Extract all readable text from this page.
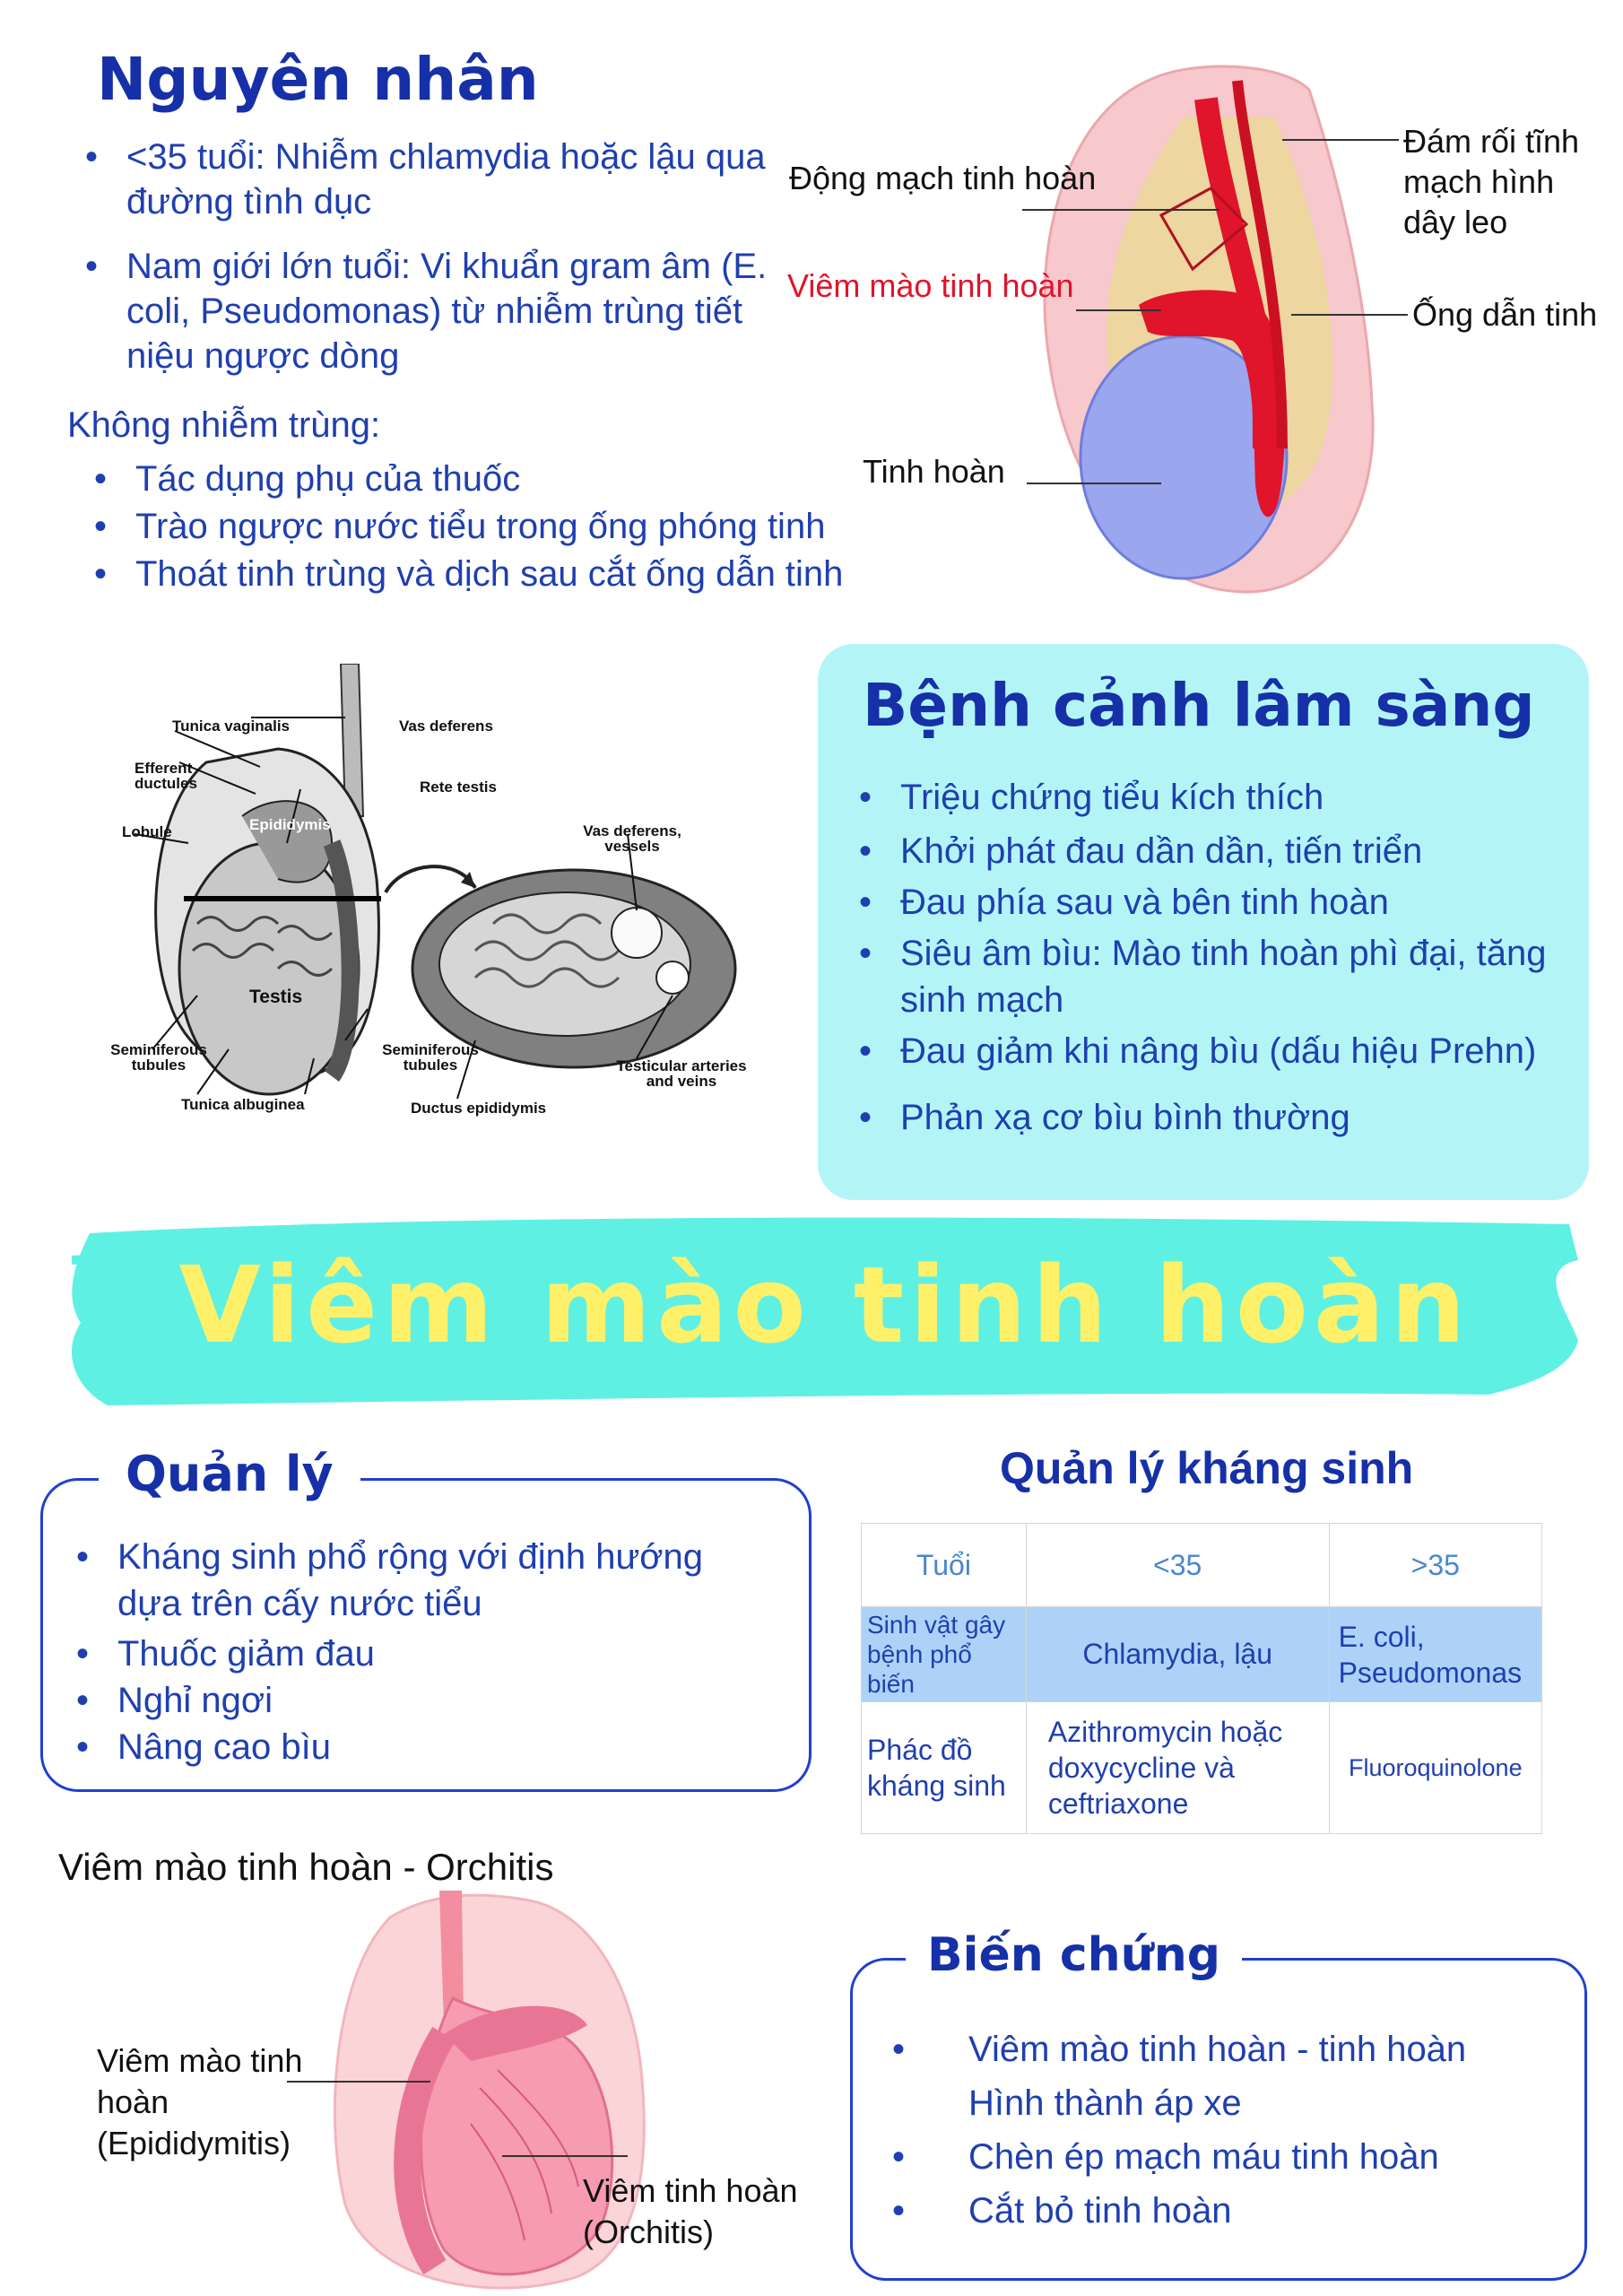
Nguyên nhân
• <35 tuổi: Nhiễm chlamydia hoặc lậu qua đường tình dục
• Nam giới lớn tuổi: Vi khuẩn gram âm (E. coli, Pseudomonas) từ nhiễm trùng tiết niệu ngược dòng
Không nhiễm trùng:
• Tác dụng phụ của thuốc
• Trào ngược nước tiểu trong ống phóng tinh
• Thoát tinh trùng và dịch sau cắt ống dẫn tinh
Động mạch tinh hoàn
Viêm mào tinh hoàn
Tinh hoàn
Đám rối tĩnh mạch hình dây leo
Ống dẫn tinh
Tunica vaginalis	Vas deferens
Efferent ductules	Rete testis
Lobule	Epididymis	Vas deferens, vessels
Testis
Seminiferous tubules
Seminiferous tubules
Tunica albuginea	Ductus epididymis
Testicular arteries and veins
Bệnh cảnh lâm sàng
• Triệu chứng tiểu kích thích
• Khởi phát đau dần dần, tiến triển
• Đau phía sau và bên tinh hoàn
• Siêu âm bìu: Mào tinh hoàn phì đại, tăng sinh mạch
• Đau giảm khi nâng bìu (dấu hiệu Prehn)
• Phản xạ cơ bìu bình thường
Viêm mào tinh hoàn
Quản lý
• Kháng sinh phổ rộng với định hướng dựa trên cấy nước tiểu
• Thuốc giảm đau
• Nghỉ ngơi
• Nâng cao bìu
Quản lý kháng sinh
Tuổi	<35	>35
Sinh vật gây bệnh phổ biến	Chlamydia, lậu	E. coli, Pseudomonas
Phác đồ kháng sinh	Azithromycin hoặc doxycycline và ceftriaxone	Fluoroquinolone
Viêm mào tinh hoàn - Orchitis
Viêm mào tinh hoàn (Epididymitis)
Viêm tinh hoàn (Orchitis)
Biến chứng
• Viêm mào tinh hoàn - tinh hoàn
Hình thành áp xe
• Chèn ép mạch máu tinh hoàn
• Cắt bỏ tinh hoàn
